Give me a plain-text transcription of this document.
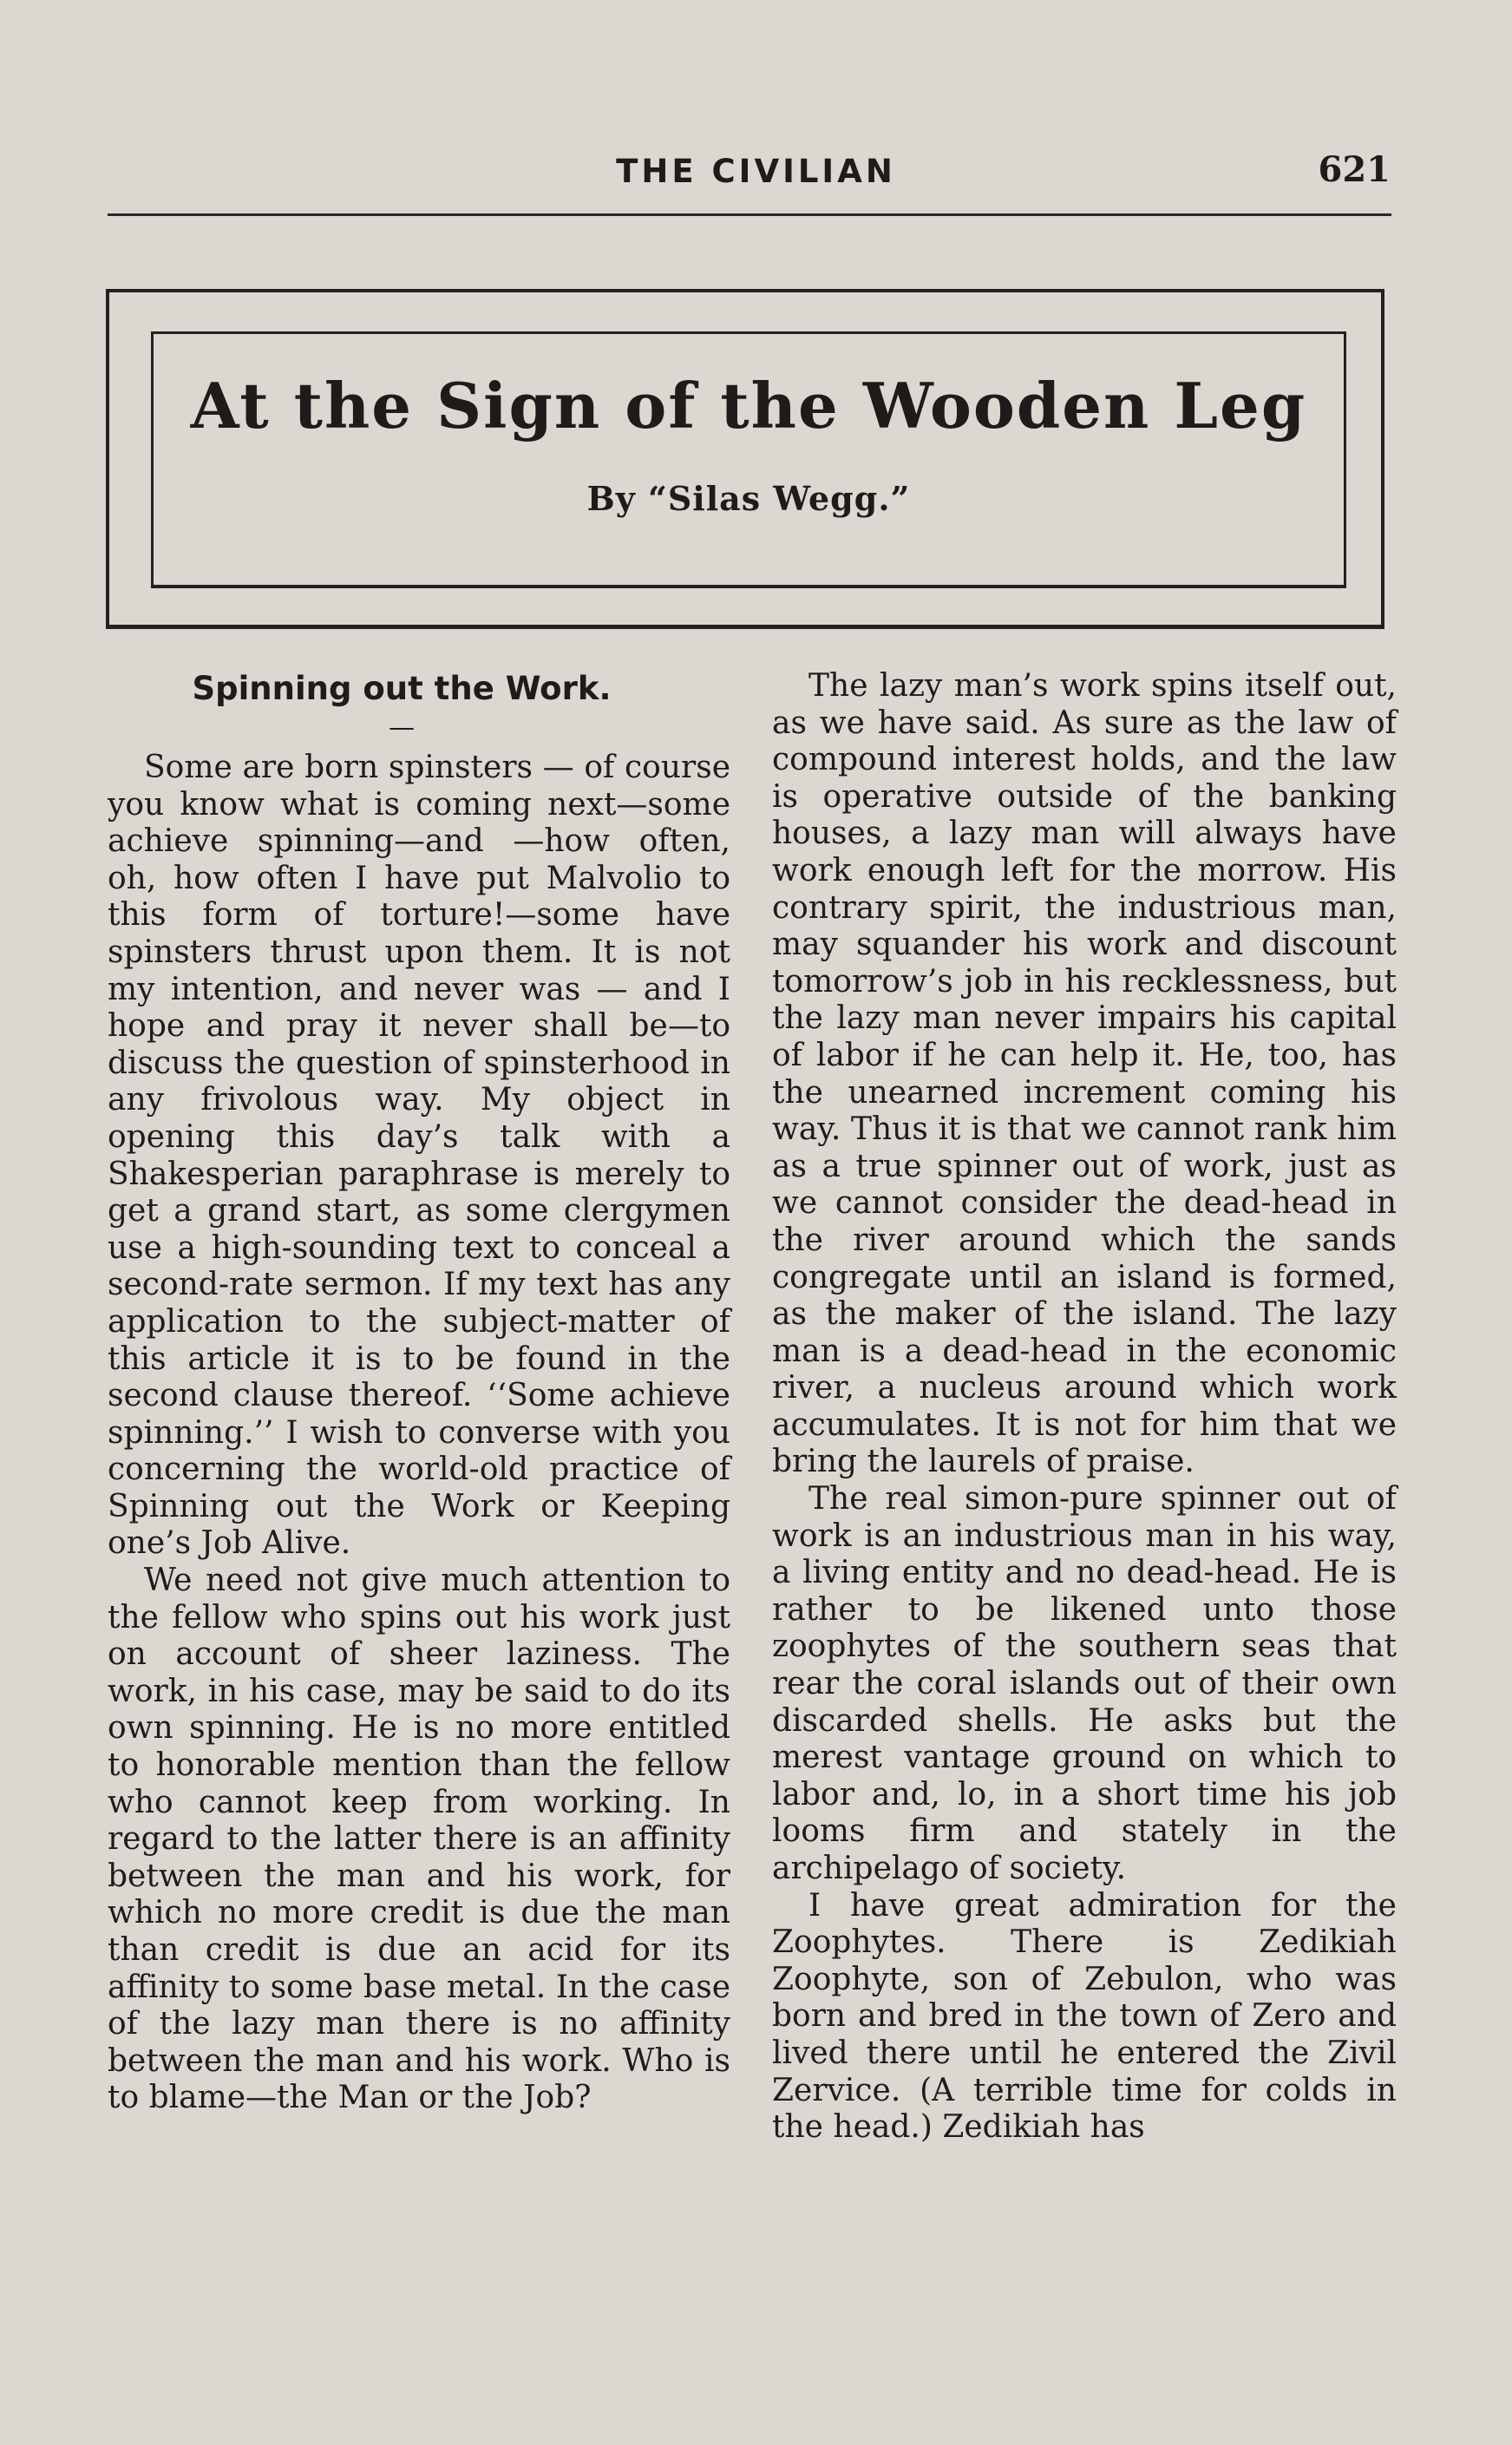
THE CIVILIAN	621
At the Sign of the Wooden Leg
By “Silas Wegg.”
Spinning out the Work.
—

Some are born spinsters — of course you know what is coming next—some achieve spinning—and —how often, oh, how often I have put Malvolio to this form of torture!—some have spinsters thrust upon them. It is not my intention, and never was — and I hope and pray it never shall be—to discuss the question of spinsterhood in any frivolous way. My object in opening this day’s talk with a Shakesperian paraphrase is merely to get a grand start, as some clergymen use a high-sounding text to conceal a second-rate sermon. If my text has any application to the subject-matter of this article it is to be found in the second clause thereof. ‘‘Some achieve spinning.’’ I wish to converse with you concerning the world-old practice of Spinning out the Work or Keeping one’s Job Alive.

We need not give much attention to the fellow who spins out his work just on account of sheer laziness. The work, in his case, may be said to do its own spinning. He is no more entitled to honorable mention than the fellow who cannot keep from working. In regard to the latter there is an affinity between the man and his work, for which no more credit is due the man than credit is due an acid for its affinity to some base metal. In the case of the lazy man there is no affinity between the man and his work. Who is to blame—the Man or the Job?

The lazy man’s work spins itself out, as we have said. As sure as the law of compound interest holds, and the law is operative outside of the banking houses, a lazy man will always have work enough left for the morrow. His contrary spirit, the industrious man, may squander his work and discount tomorrow’s job in his recklessness, but the lazy man never impairs his capital of labor if he can help it. He, too, has the unearned increment coming his way. Thus it is that we cannot rank him as a true spinner out of work, just as we cannot consider the dead-head in the river around which the sands congregate until an island is formed, as the maker of the island. The lazy man is a dead-head in the economic river, a nucleus around which work accumulates. It is not for him that we bring the laurels of praise.

The real simon-pure spinner out of work is an industrious man in his way, a living entity and no dead-head. He is rather to be likened unto those zoophytes of the southern seas that rear the coral islands out of their own discarded shells. He asks but the merest vantage ground on which to labor and, lo, in a short time his job looms firm and stately in the archipelago of society.

I have great admiration for the Zoophytes. There is Zedikiah Zoophyte, son of Zebulon, who was born and bred in the town of Zero and lived there until he entered the Zivil Zervice. (A terrible time for colds in the head.) Zedikiah has
